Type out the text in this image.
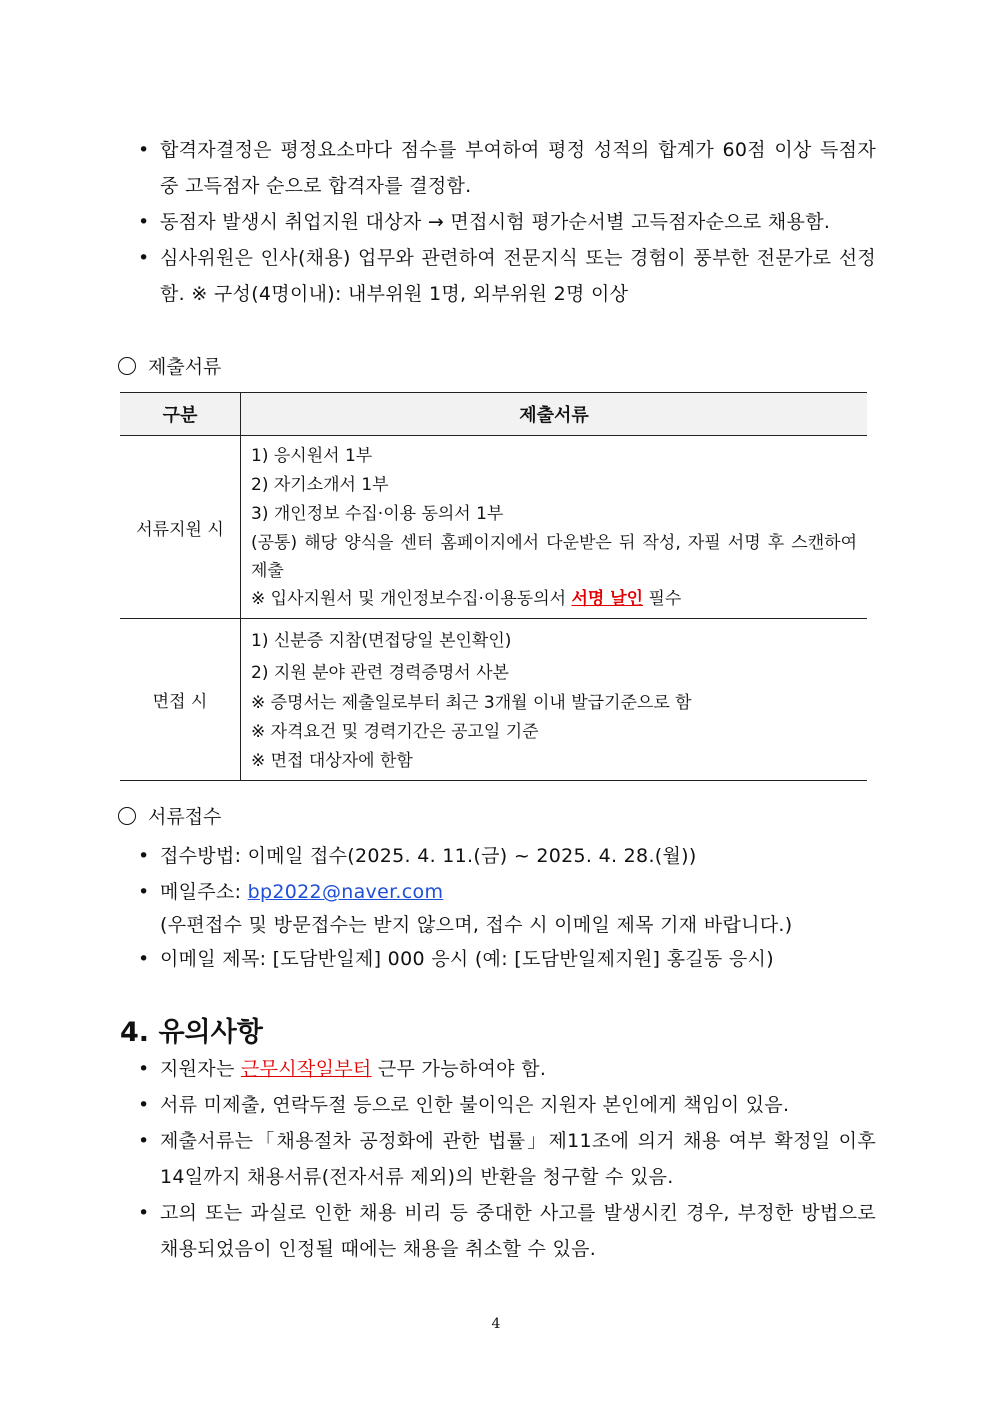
• 합격자결정은 평정요소마다 점수를 부여하여 평정 성적의 합계가 60점 이상 득점자 중 고득점자 순으로 합격자를 결정함.
• 동점자 발생시 취업지원 대상자 → 면접시험 평가순서별 고득점자순으로 채용함.
• 심사위원은 인사(채용) 업무와 관련하여 전문지식 또는 경험이 풍부한 전문가로 선정함. ※ 구성(4명이내): 내부위원 1명, 외부위원 2명 이상
제출서류
구분	제출서류
서류지원 시	1) 응시원서 1부
2) 자기소개서 1부
3) 개인정보 수집·이용 동의서 1부
(공통) 해당 양식을 센터 홈페이지에서 다운받은 뒤 작성, 자필 서명 후 스캔하여 제출
※ 입사지원서 및 개인정보수집·이용동의서 서명 날인 필수

면접 시	1) 신분증 지참(면접당일 본인확인)
2) 지원 분야 관련 경력증명서 사본
※ 증명서는 제출일로부터 최근 3개월 이내 발급기준으로 함
※ 자격요건 및 경력기간은 공고일 기준
※ 면접 대상자에 한함
서류접수
• 접수방법: 이메일 접수(2025. 4. 11.(금) ~ 2025. 4. 28.(월))
• 메일주소: bp2022@naver.com
(우편접수 및 방문접수는 받지 않으며, 접수 시 이메일 제목 기재 바랍니다.)
• 이메일 제목: [도담반일제] 000 응시 (예: [도담반일제지원] 홍길동 응시)
4. 유의사항
• 지원자는 근무시작일부터 근무 가능하여야 함.
• 서류 미제출, 연락두절 등으로 인한 불이익은 지원자 본인에게 책임이 있음.
• 제출서류는「채용절차 공정화에 관한 법률」제11조에 의거 채용 여부 확정일 이후 14일까지 채용서류(전자서류 제외)의 반환을 청구할 수 있음.
• 고의 또는 과실로 인한 채용 비리 등 중대한 사고를 발생시킨 경우, 부정한 방법으로 채용되었음이 인정될 때에는 채용을 취소할 수 있음.
4
